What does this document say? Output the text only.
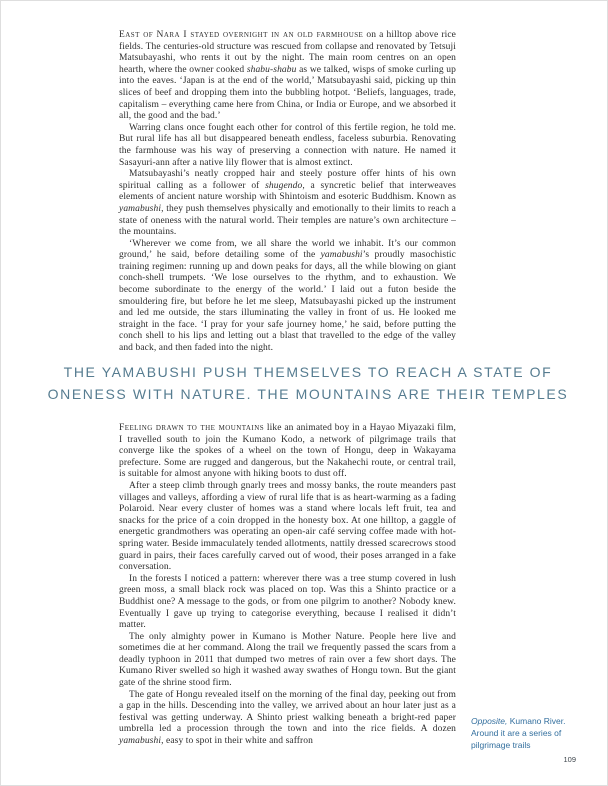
East of Nara I stayed overnight in an old farmhouse on a hilltop above rice fields. The centuries-old structure was rescued from collapse and renovated by Tetsuji Matsubayashi, who rents it out by the night. The main room centres on an open hearth, where the owner cooked shabu-shabu as we talked, wisps of smoke curling up into the eaves. ‘Japan is at the end of the world,’ Matsubayashi said, picking up thin slices of beef and dropping them into the bubbling hotpot. ‘Beliefs, languages, trade, capitalism – everything came here from China, or India or Europe, and we absorbed it all, the good and the bad.’

Warring clans once fought each other for control of this fertile region, he told me. But rural life has all but disappeared beneath endless, faceless suburbia. Renovating the farmhouse was his way of preserving a connection with nature. He named it Sasayuri-ann after a native lily flower that is almost extinct.

Matsubayashi’s neatly cropped hair and steely posture offer hints of his own spiritual calling as a follower of shugendo, a syncretic belief that interweaves elements of ancient nature worship with Shintoism and esoteric Buddhism. Known as yamabushi, they push themselves physically and emotionally to their limits to reach a state of oneness with the natural world. Their temples are nature’s own architecture – the mountains.

‘Wherever we come from, we all share the world we inhabit. It’s our common ground,’ he said, before detailing some of the yamabushi’s proudly masochistic training regimen: running up and down peaks for days, all the while blowing on giant conch-shell trumpets. ‘We lose ourselves to the rhythm, and to exhaustion. We become subordinate to the energy of the world.’ I laid out a futon beside the smouldering fire, but before he let me sleep, Matsubayashi picked up the instrument and led me outside, the stars illuminating the valley in front of us. He looked me straight in the face. ‘I pray for your safe journey home,’ he said, before putting the conch shell to his lips and letting out a blast that travelled to the edge of the valley and back, and then faded into the night.

THE YAMABUSHI PUSH THEMSELVES TO REACH A STATE OF
ONENESS WITH NATURE. THE MOUNTAINS ARE THEIR TEMPLES

Feeling drawn to the mountains like an animated boy in a Hayao Miyazaki film, I travelled south to join the Kumano Kodo, a network of pilgrimage trails that converge like the spokes of a wheel on the town of Hongu, deep in Wakayama prefecture. Some are rugged and dangerous, but the Nakahechi route, or central trail, is suitable for almost anyone with hiking boots to dust off.

After a steep climb through gnarly trees and mossy banks, the route meanders past villages and valleys, affording a view of rural life that is as heart-warming as a fading Polaroid. Near every cluster of homes was a stand where locals left fruit, tea and snacks for the price of a coin dropped in the honesty box. At one hilltop, a gaggle of energetic grandmothers was operating an open-air café serving coffee made with hot-spring water. Beside immaculately tended allotments, nattily dressed scarecrows stood guard in pairs, their faces carefully carved out of wood, their poses arranged in a fake conversation.

In the forests I noticed a pattern: wherever there was a tree stump covered in lush green moss, a small black rock was placed on top. Was this a Shinto practice or a Buddhist one? A message to the gods, or from one pilgrim to another? Nobody knew. Eventually I gave up trying to categorise everything, because I realised it didn’t matter.

The only almighty power in Kumano is Mother Nature. People here live and sometimes die at her command. Along the trail we frequently passed the scars from a deadly typhoon in 2011 that dumped two metres of rain over a few short days. The Kumano River swelled so high it washed away swathes of Hongu town. But the giant gate of the shrine stood firm.

The gate of Hongu revealed itself on the morning of the final day, peeking out from a gap in the hills. Descending into the valley, we arrived about an hour later just as a festival was getting underway. A Shinto priest walking beneath a bright-red paper umbrella led a procession through the town and into the rice fields. A dozen yamabushi, easy to spot in their white and saffron

Opposite, Kumano River. Around it are a series of pilgrimage trails
109
